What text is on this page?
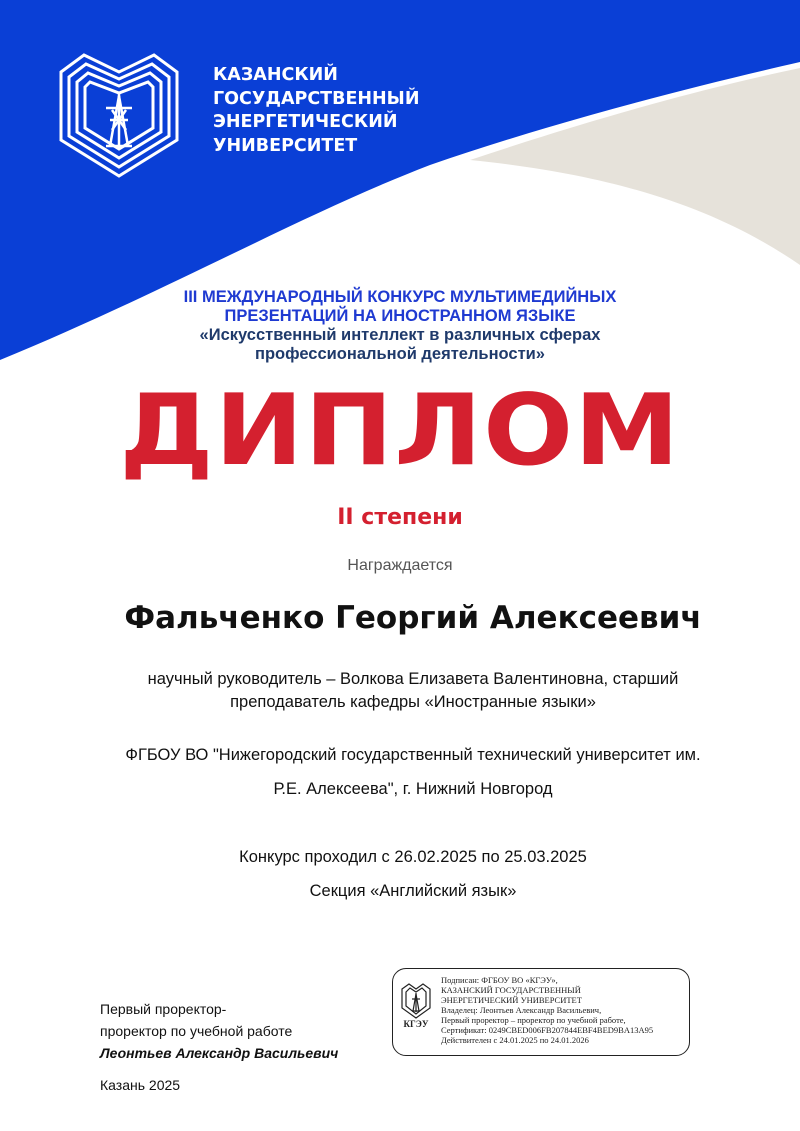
КАЗАНСКИЙ
ГОСУДАРСТВЕННЫЙ
ЭНЕРГЕТИЧЕСКИЙ
УНИВЕРСИТЕТ
III МЕЖДУНАРОДНЫЙ КОНКУРС МУЛЬТИМЕДИЙНЫХ
ПРЕЗЕНТАЦИЙ НА ИНОСТРАННОМ ЯЗЫКЕ
«Искусственный интеллект в различных сферах
профессиональной деятельности»
ДИПЛОМ
II степени
Награждается
Фальченко Георгий Алексеевич
научный руководитель – Волкова Елизавета Валентиновна, старший
преподаватель кафедры «Иностранные языки»
ФГБОУ ВО "Нижегородский государственный технический университет им.
Р.Е. Алексеева", г. Нижний Новгород
Конкурс проходил с 26.02.2025 по 25.03.2025
Секция «Английский язык»
Первый проректор-
проректор по учебной работе
Леонтьев Александр Васильевич
Казань 2025
КГЭУ
Подписан: ФГБОУ ВО «КГЭУ»,
КАЗАНСКИЙ ГОСУДАРСТВЕННЫЙ
ЭНЕРГЕТИЧЕСКИЙ УНИВЕРСИТЕТ
Владелец: Леонтьев Александр Васильевич,
Первый проректор – проректор по учебной работе,
Сертификат: 0249CBED006FB207844EBF4BED9BA13A95
Действителен с 24.01.2025 по 24.01.2026
